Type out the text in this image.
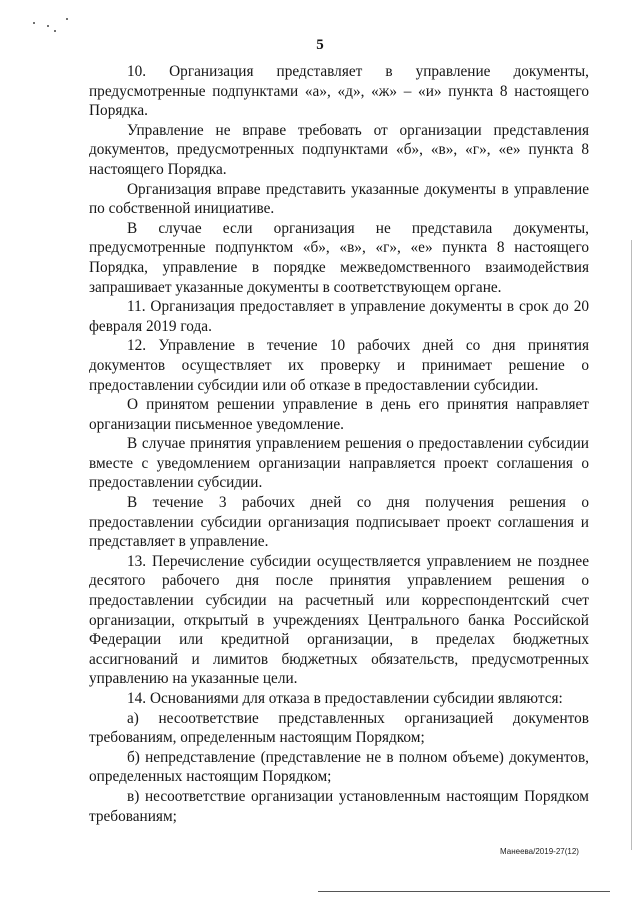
5

10. Организация представляет в управление документы, предусмотренные подпунктами «а», «д», «ж» – «и» пункта 8 настоящего Порядка.

Управление не вправе требовать от организации представления документов, предусмотренных подпунктами «б», «в», «г», «е» пункта 8 настоящего Порядка.

Организация вправе представить указанные документы в управление по собственной инициативе.

В случае если организация не представила документы, предусмотренные подпунктом «б», «в», «г», «е» пункта 8 настоящего Порядка, управление в порядке межведомственного взаимодействия запрашивает указанные документы в соответствующем органе.

11. Организация предоставляет в управление документы в срок до 20 февраля 2019 года.

12. Управление в течение 10 рабочих дней со дня принятия документов осуществляет их проверку и принимает решение о предоставлении субсидии или об отказе в предоставлении субсидии.

О принятом решении управление в день его принятия направляет организации письменное уведомление.

В случае принятия управлением решения о предоставлении субсидии вместе с уведомлением организации направляется проект соглашения о предоставлении субсидии.

В течение 3 рабочих дней со дня получения решения о предоставлении субсидии организация подписывает проект соглашения и представляет в управление.

13. Перечисление субсидии осуществляется управлением не позднее десятого рабочего дня после принятия управлением решения о предоставлении субсидии на расчетный или корреспондентский счет организации, открытый в учреждениях Центрального банка Российской Федерации или кредитной организации, в пределах бюджетных ассигнований и лимитов бюджетных обязательств, предусмотренных управлению на указанные цели.

14. Основаниями для отказа в предоставлении субсидии являются:

а) несоответствие представленных организацией документов требованиям, определенным настоящим Порядком;

б) непредставление (представление не в полном объеме) документов, определенных настоящим Порядком;

в) несоответствие организации установленным настоящим Порядком требованиям;

Манеева/2019-27(12)
